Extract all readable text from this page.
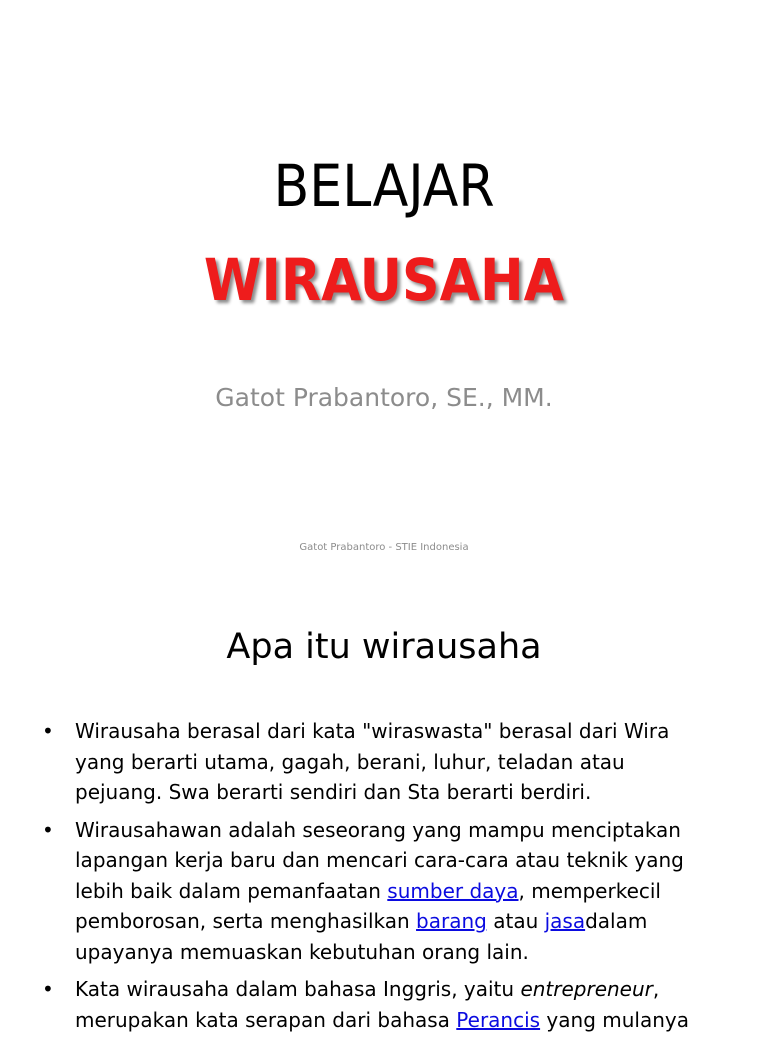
BELAJAR
WIRAUSAHA
Gatot Prabantoro, SE., MM.
Gatot Prabantoro - STIE Indonesia
Apa itu wirausaha
• Wirausaha berasal dari kata "wiraswasta" berasal dari Wira yang berarti utama, gagah, berani, luhur, teladan atau pejuang. Swa berarti sendiri dan Sta berarti berdiri.
• Wirausahawan adalah seseorang yang mampu menciptakan lapangan kerja baru dan mencari cara-cara atau teknik yang lebih baik dalam pemanfaatan sumber daya, memperkecil pemborosan, serta menghasilkan barang atau jasadalam upayanya memuaskan kebutuhan orang lain.
• Kata wirausaha dalam bahasa Inggris, yaitu entrepreneur, merupakan kata serapan dari bahasa Perancis yang mulanya
